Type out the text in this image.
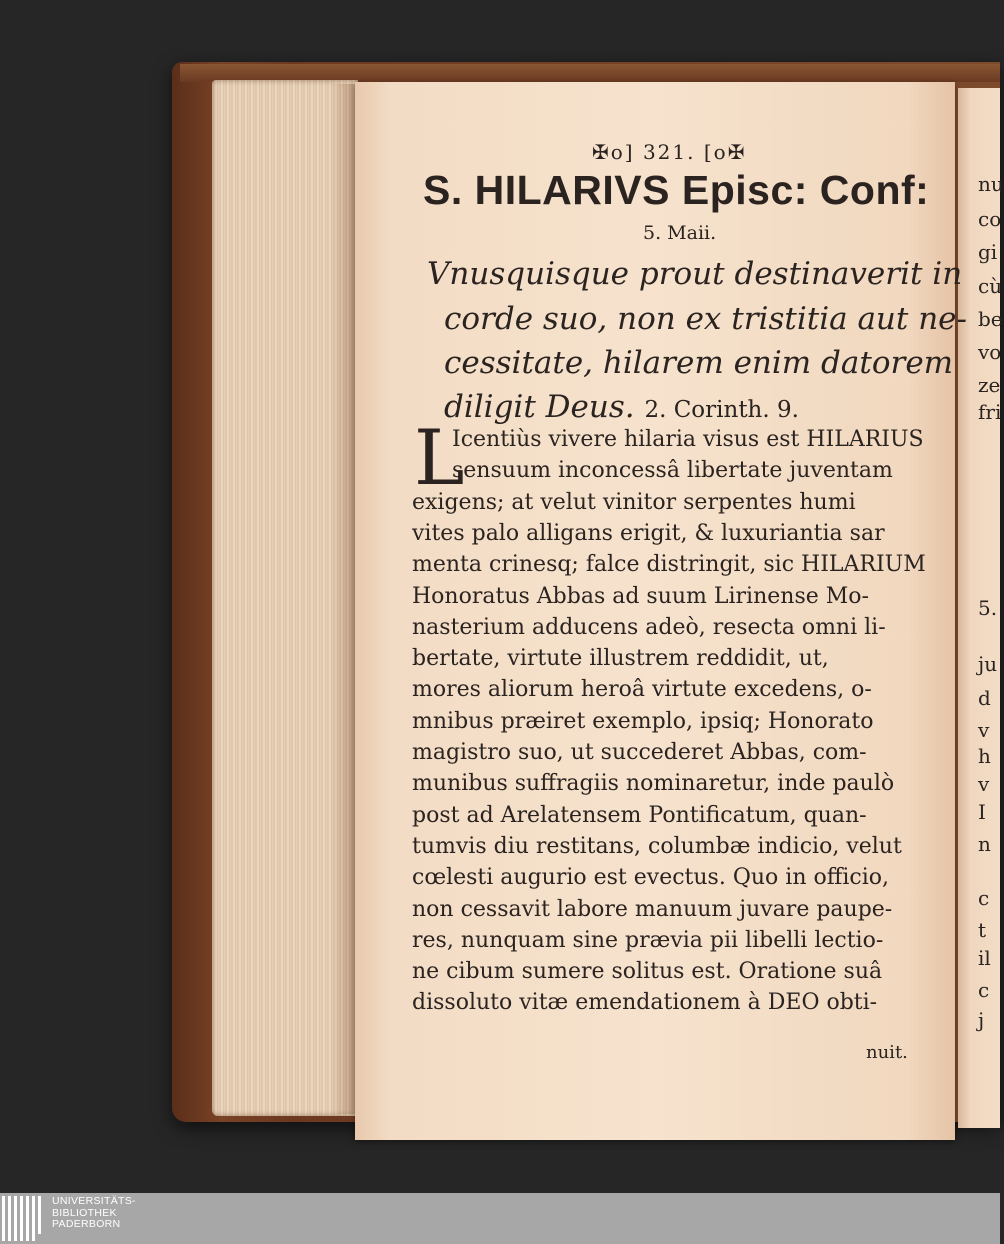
✠o] 321. [o✠
S. HILARIVS Episc: Conf:
5. Maii.
Vnusquisque prout destinaverit in
corde suo, non ex tristitia aut ne-
cessitate, hilarem enim datorem
diligit Deus. 2. Corinth. 9.
L
Icentiùs vivere hilaria visus est HILARIUS
sensuum inconcessâ libertate juventam
exigens; at velut vinitor serpentes humi
vites palo alligans erigit, & luxuriantia sar
menta crinesq; falce distringit, sic HILARIUM
Honoratus Abbas ad suum Lirinense Mo-
nasterium adducens adeò, resecta omni li-
bertate, virtute illustrem reddidit, ut,
mores aliorum heroâ virtute excedens, o-
mnibus præiret exemplo, ipsiq; Honorato
magistro suo, ut succederet Abbas, com-
munibus suffragiis nominaretur, inde paulò
post ad Arelatensem Pontificatum, quan-
tumvis diu restitans, columbæ indicio, velut
cœlesti augurio est evectus. Quo in officio,
non cessavit labore manuum juvare paupe-
res, nunquam sine prævia pii libelli lectio-
ne cibum sumere solitus est. Oratione suâ
dissoluto vitæ emendationem à DEO obti-
nuit.
nu
co
gi
cù
be
vo
ze
fri
5.
ju
d
v
h
v
I
n
c
t
il
c
j
UNIVERSITÄTS-
BIBLIOTHEK
PADERBORN
